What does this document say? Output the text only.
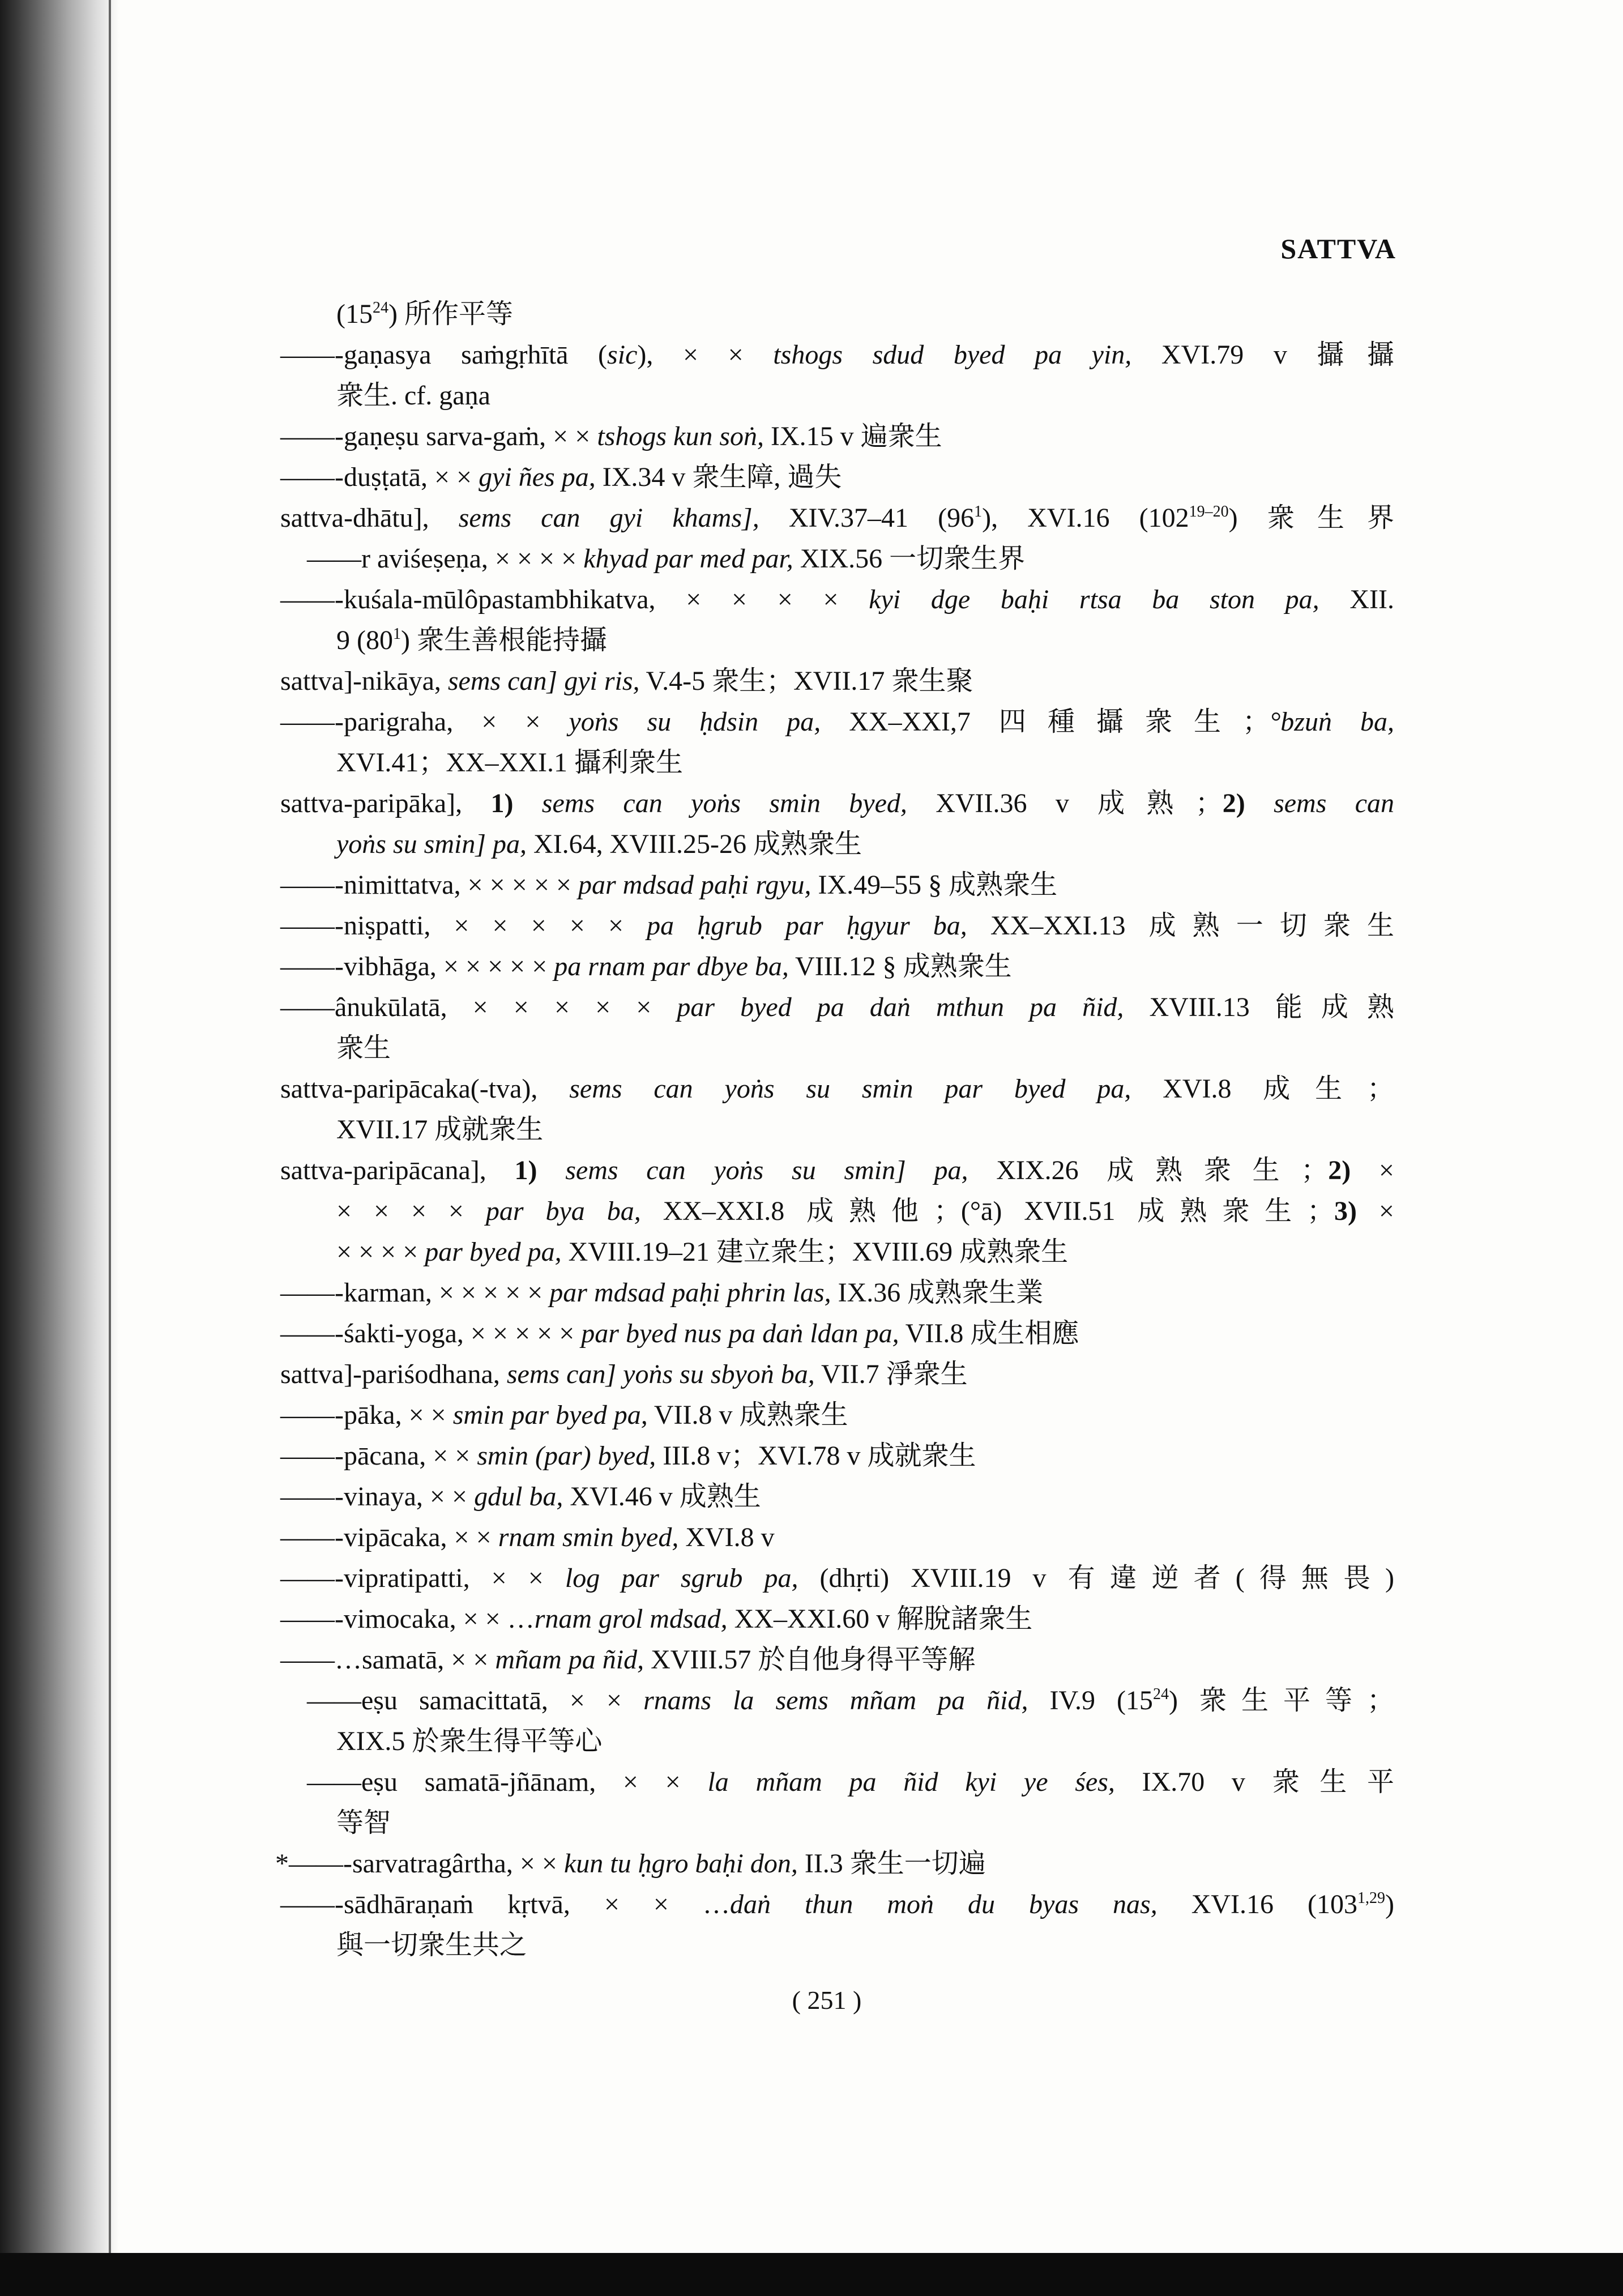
SATTVA
$(15^{24})$ 所作平等
——-gaṇasya saṁgṛhītā (sic), × × tshogs sdud byed pa yin, XVI.79 v 攝攝
衆生. cf. gaṇa
——-gaṇeṣu sarva-gaṁ, × × tshogs kun soṅ, IX.15 v 遍衆生
——-duṣṭatā, × × gyi ñes pa, IX.34 v 衆生障, 過失
sattva-dhātu], sems can gyi khams], XIV.37–41 $(96^1)$, XVI.16 (102$^{19-20}$) 衆生界
——r aviśeṣeṇa, × × × × khyad par med par, XIX.56 一切衆生界
——-kuśala-mūlôpastambhikatva, × × × × kyi dge baḥi rtsa ba ston pa, XII.
9 $(80^1)$ 衆生善根能持攝
sattva]-nikāya, sems can] gyi ris, V.4-5 衆生；XVII.17 衆生聚
——-parigraha, × × yoṅs su ḥdsin pa, XX–XXI,7 四種攝衆生；°bzuṅ ba,
XVI.41；XX–XXI.1 攝利衆生
sattva-paripāka], 1) sems can yoṅs smin byed, XVII.36 v 成熟；2) sems can
yoṅs su smin] pa, XI.64, XVIII.25-26 成熟衆生
——-nimittatva, × × × × × par mdsad paḥi rgyu, IX.49–55 § 成熟衆生
——-niṣpatti, × × × × × pa ḥgrub par ḥgyur ba, XX–XXI.13 成熟一切衆生
——-vibhāga, × × × × × pa rnam par dbye ba, VIII.12 § 成熟衆生
——ânukūlatā, × × × × × par byed pa daṅ mthun pa ñid, XVIII.13 能成熟
衆生
sattva-paripācaka(-tva), sems can yoṅs su smin par byed pa, XVI.8 成生；
XVII.17 成就衆生
sattva-paripācana], 1) sems can yoṅs su smin] pa, XIX.26 成熟衆生；2) ×
× × × × par bya ba, XX–XXI.8 成熟他；(°ā) XVII.51 成熟衆生；3) ×
× × × × par byed pa, XVIII.19–21 建立衆生；XVIII.69 成熟衆生
——-karman, × × × × × par mdsad paḥi phrin las, IX.36 成熟衆生業
——-śakti-yoga, × × × × × par byed nus pa daṅ ldan pa, VII.8 成生相應
sattva]-pariśodhana, sems can] yoṅs su sbyoṅ ba, VII.7 淨衆生
——-pāka, × × smin par byed pa, VII.8 v 成熟衆生
——-pācana, × × smin (par) byed, III.8 v；XVI.78 v 成就衆生
——-vinaya, × × gdul ba, XVI.46 v 成熟生
——-vipācaka, × × rnam smin byed, XVI.8 v
——-vipratipatti, × × log par sgrub pa, (dhṛti) XVIII.19 v 有違逆者(得無畏)
——-vimocaka, × × …rnam grol mdsad, XX–XXI.60 v 解脫諸衆生
——…samatā, × × mñam pa ñid, XVIII.57 於自他身得平等解
——eṣu samacittatā, × × rnams la sems mñam pa ñid, IV.9 $(15^{24})$ 衆生平等；
XIX.5 於衆生得平等心
——eṣu samatā-jñānam, × × la mñam pa ñid kyi ye śes, IX.70 v 衆生平
等智
*——-sarvatragârtha, × × kun tu ḥgro baḥi don, II.3 衆生一切遍
——-sādhāraṇaṁ kṛtvā, × × …daṅ thun moṅ du byas nas, XVI.16 (103$^{1,29}$)
與一切衆生共之
( 251 )
